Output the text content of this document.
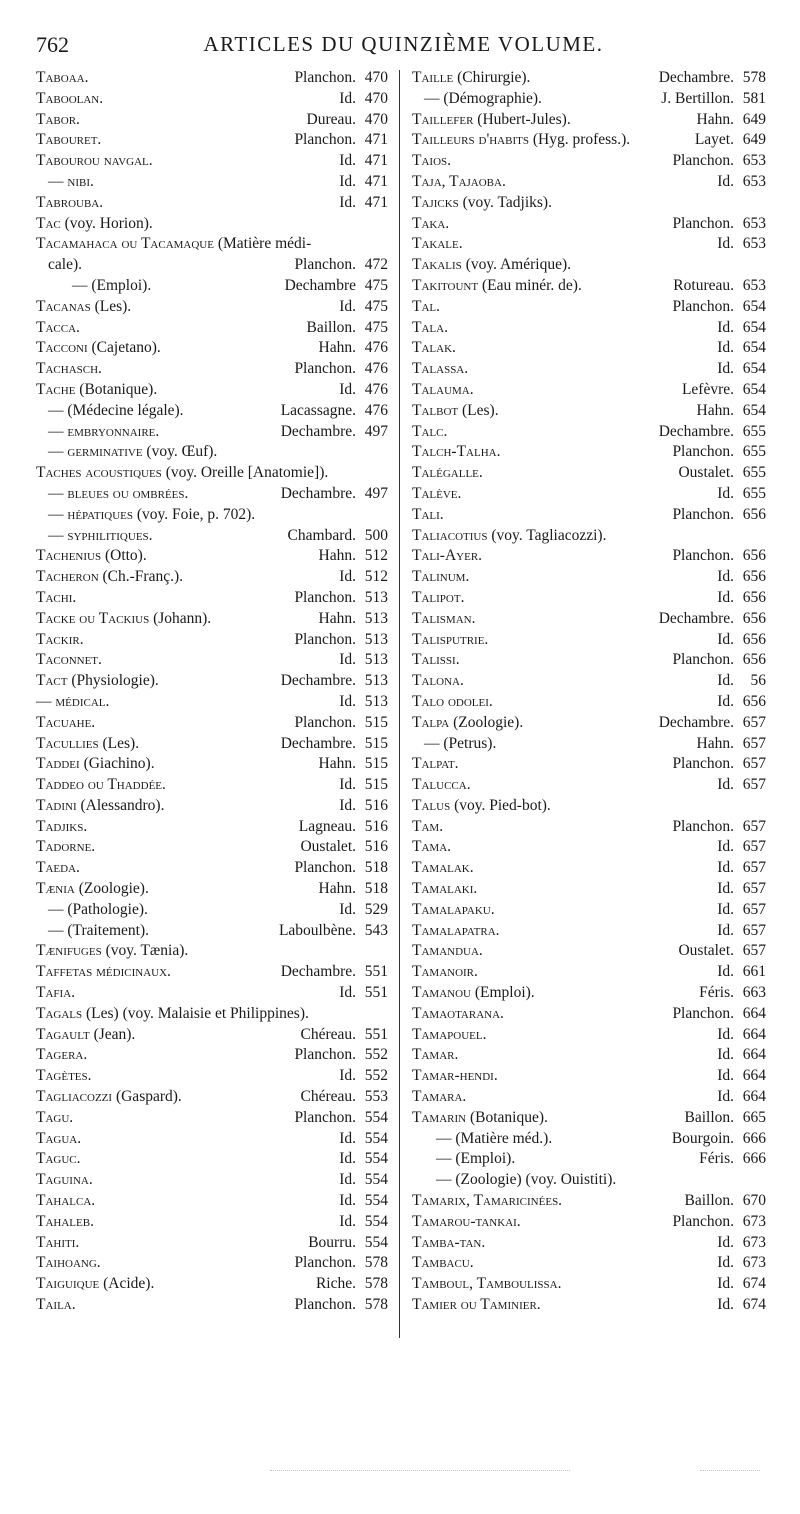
762	ARTICLES DU QUINZIÈME VOLUME.
Taboaa.	Planchon. 470
Taboolan.	Id. 470
Tabor.	Dureau. 470
Tabouret.	Planchon. 471
Tabourou navgal.	Id. 471
— nibi.	Id. 471
Tabrouba.	Id. 471
Tac (voy. Horion).
Tacamahaca ou Tacamaque (Matière médi-
cale).	Planchon. 472
— (Emploi).	Dechambre 475
Tacanas (Les).	Id. 475
Tacca.	Baillon. 475
Tacconi (Cajetano).	Hahn. 476
Tachasch.	Planchon. 476
Tache (Botanique).	Id. 476
— (Médecine légale).	Lacassagne. 476
— embryonnaire.	Dechambre. 497
— germinative (voy. Œuf).
Taches acoustiques (voy. Oreille [Anatomie]).
— bleues ou ombrées.	Dechambre. 497
— hépatiques (voy. Foie, p. 702).
— syphilitiques.	Chambard. 500
Tachenius (Otto).	Hahn. 512
Tacheron (Ch.-Franç.).	Id. 512
Tachi.	Planchon. 513
Tacke ou Tackius (Johann).	Hahn. 513
Tackir.	Planchon. 513
Taconnet.	Id. 513
Tact (Physiologie).	Dechambre. 513
— médical.	Id. 513
Tacuahe.	Planchon. 515
Tacullies (Les).	Dechambre. 515
Taddei (Giachino).	Hahn. 515
Taddeo ou Thaddée.	Id. 515
Tadini (Alessandro).	Id. 516
Tadjiks.	Lagneau. 516
Tadorne.	Oustalet. 516
Taeda.	Planchon. 518
Tænia (Zoologie).	Hahn. 518
— (Pathologie).	Id. 529
— (Traitement).	Laboulbène. 543
Tænifuges (voy. Tænia).
Taffetas médicinaux.	Dechambre. 551
Tafia.	Id. 551
Tagals (Les) (voy. Malaisie et Philippines).
Tagault (Jean).	Chéreau. 551
Tagera.	Planchon. 552
Tagètes.	Id. 552
Tagliacozzi (Gaspard).	Chéreau. 553
Tagu.	Planchon. 554
Tagua.	Id. 554
Taguc.	Id. 554
Taguina.	Id. 554
Tahalca.	Id. 554
Tahaleb.	Id. 554
Tahiti.	Bourru. 554
Taihoang.	Planchon. 578
Taiguique (Acide).	Riche. 578
Taila.	Planchon. 578
Taille (Chirurgie).	Dechambre. 578
— (Démographie).	J. Bertillon. 581
Taillefer (Hubert-Jules).	Hahn. 649
Tailleurs d'habits (Hyg. profess.).	Layet. 649
Taios.	Planchon. 653
Taja, Tajaoba.	Id. 653
Tajicks (voy. Tadjiks).
Taka.	Planchon. 653
Takale.	Id. 653
Takalis (voy. Amérique).
Takitount (Eau minér. de).	Rotureau. 653
Tal.	Planchon. 654
Tala.	Id. 654
Talak.	Id. 654
Talassa.	Id. 654
Talauma.	Lefèvre. 654
Talbot (Les).	Hahn. 654
Talc.	Dechambre. 655
Talch-Talha.	Planchon. 655
Talégalle.	Oustalet. 655
Talève.	Id. 655
Tali.	Planchon. 656
Taliacotius (voy. Tagliacozzi).
Tali-Ayer.	Planchon. 656
Talinum.	Id. 656
Talipot.	Id. 656
Talisman.	Dechambre. 656
Talisputrie.	Id. 656
Talissi.	Planchon. 656
Talona.	Id. 56
Talo odolei.	Id. 656
Talpa (Zoologie).	Dechambre. 657
— (Petrus).	Hahn. 657
Talpat.	Planchon. 657
Talucca.	Id. 657
Talus (voy. Pied-bot).
Tam.	Planchon. 657
Tama.	Id. 657
Tamalak.	Id. 657
Tamalaki.	Id. 657
Tamalapaku.	Id. 657
Tamalapatra.	Id. 657
Tamandua.	Oustalet. 657
Tamanoir.	Id. 661
Tamanou (Emploi).	Féris. 663
Tamaotarana.	Planchon. 664
Tamapouel.	Id. 664
Tamar.	Id. 664
Tamar-hendi.	Id. 664
Tamara.	Id. 664
Tamarin (Botanique).	Baillon. 665
— (Matière méd.).	Bourgoin. 666
— (Emploi).	Féris. 666
— (Zoologie) (voy. Ouistiti).
Tamarix, Tamaricinées.	Baillon. 670
Tamarou-tankai.	Planchon. 673
Tamba-tan.	Id. 673
Tambacu.	Id. 673
Tamboul, Tamboulissa.	Id. 674
Tamier ou Taminier.	Id. 674
